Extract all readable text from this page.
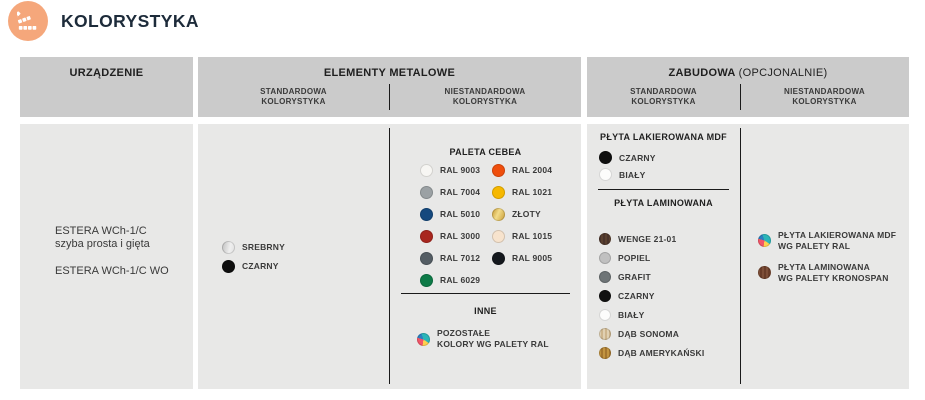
KOLORYSTYKA
URZĄDZENIE	ELEMENTY METALOWE
STANDARDOWA KOLORYSTYKA
NIESTANDARDOWA KOLORYSTYKA
ZABUDOWA (OPCJONALNIE)
STANDARDOWA KOLORYSTYKA
NIESTANDARDOWA KOLORYSTYKA
ESTERA WCh-1/C
szyba prosta i gięta
ESTERA WCh-1/C WO
SREBRNY
CZARNY
PALETA CEBEA
RAL 9003
RAL 7004
RAL 5010
RAL 3000
RAL 7012
RAL 6029
RAL 2004
RAL 1021
ZŁOTY
RAL 1015
RAL 9005
INNE
POZOSTAŁE
KOLORY WG PALETY RAL
PŁYTA LAKIEROWANA MDF
CZARNY
BIAŁY
PŁYTA LAMINOWANA
WENGE 21-01
POPIEL
GRAFIT
CZARNY
BIAŁY
DĄB SONOMA
DĄB AMERYKAŃSKI
PŁYTA LAKIEROWANA MDF
WG PALETY RAL
PŁYTA LAMINOWANA
WG PALETY KRONOSPAN
